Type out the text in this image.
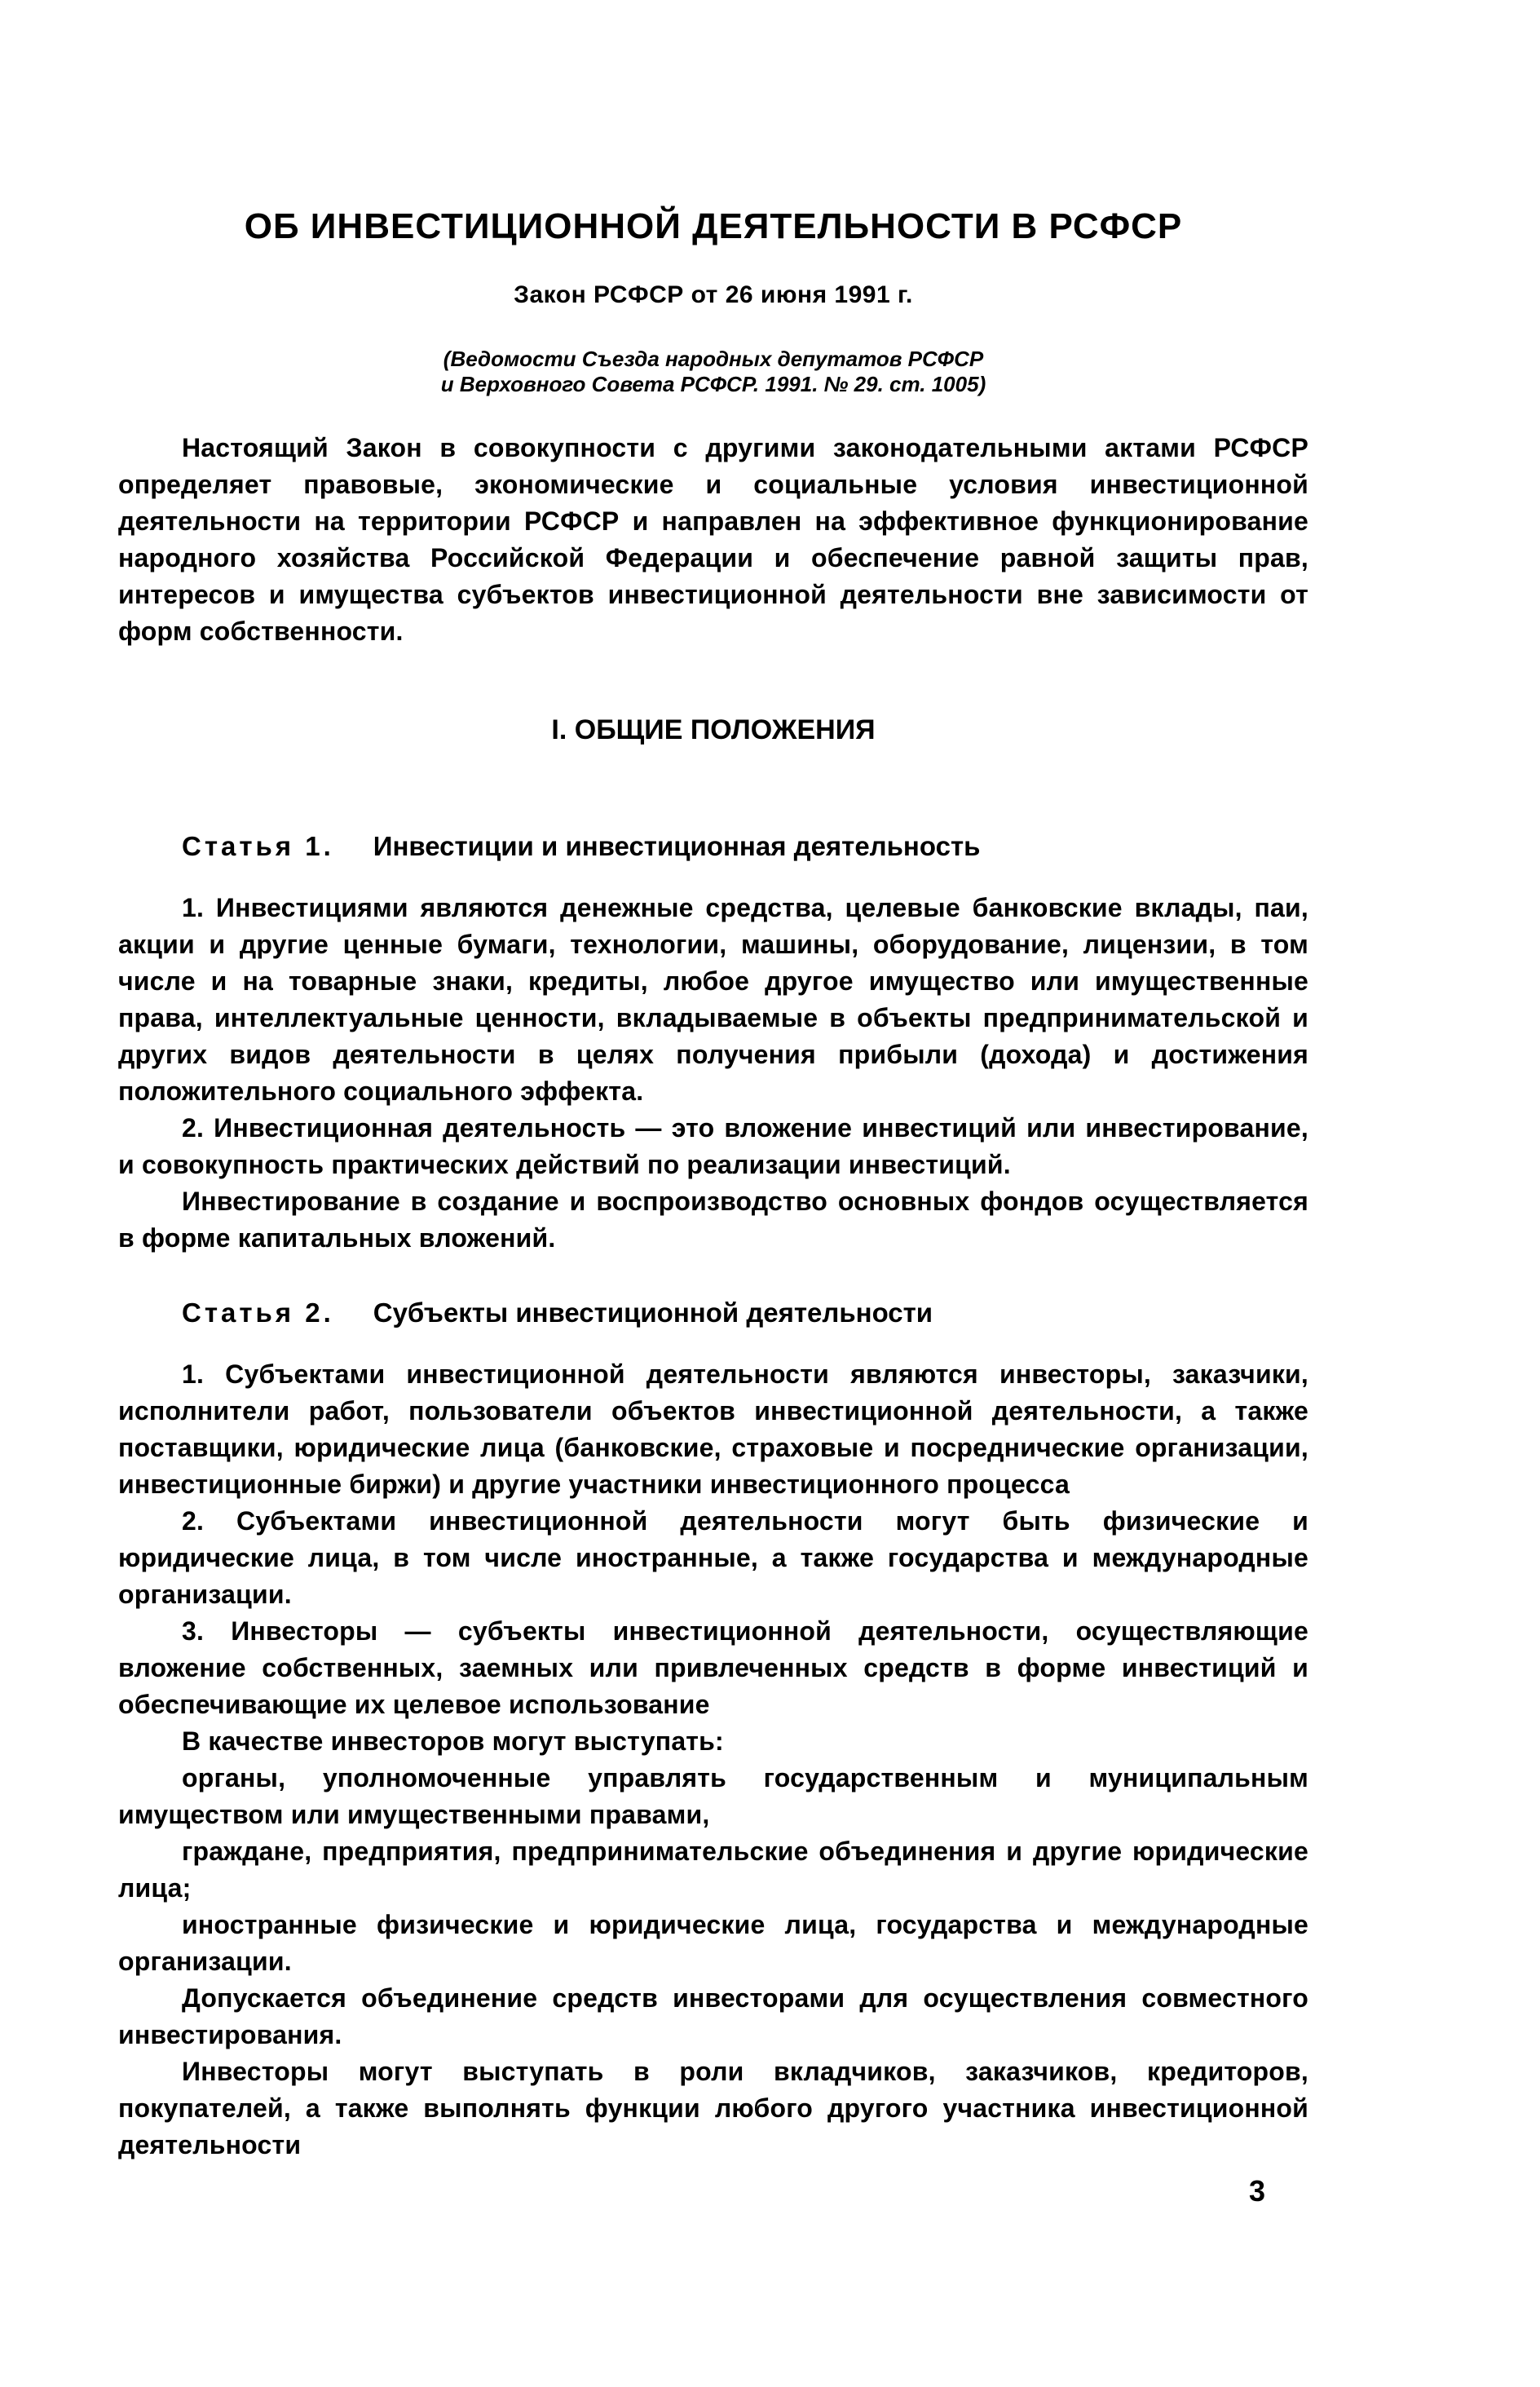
ОБ ИНВЕСТИЦИОННОЙ ДЕЯТЕЛЬНОСТИ В РСФСР
Закон РСФСР от 26 июня 1991 г.
(Ведомости Съезда народных депутатов РСФСР
и Верховного Совета РСФСР. 1991. № 29. ст. 1005)

Настоящий Закон в совокупности с другими законодательными актами РСФСР определяет правовые, экономические и социальные условия инвестиционной деятельности на территории РСФСР и направлен на эффективное функционирование народного хозяйства Российской Федерации и обеспечение равной защиты прав, интересов и имущества субъектов инвестиционной деятельности вне зависимости от форм собственности.

I. ОБЩИЕ ПОЛОЖЕНИЯ
Статья 1. Инвестиции и инвестиционная деятельность

1. Инвестициями являются денежные средства, целевые банковские вклады, паи, акции и другие ценные бумаги, технологии, машины, оборудование, лицензии, в том числе и на товарные знаки, кредиты, любое другое имущество или имущественные права, интеллектуальные ценности, вкладываемые в объекты предпринимательской и других видов деятельности в целях получения прибыли (дохода) и достижения положительного социального эффекта.

2. Инвестиционная деятельность — это вложение инвестиций или инвестирование, и совокупность практических действий по реализации инвестиций.

Инвестирование в создание и воспроизводство основных фондов осуществляется в форме капитальных вложений.

Статья 2. Субъекты инвестиционной деятельности

1. Субъектами инвестиционной деятельности являются инвесторы, заказчики, исполнители работ, пользователи объектов инвестиционной деятельности, а также поставщики, юридические лица (банковские, страховые и посреднические организации, инвестиционные биржи) и другие участники инвестиционного процесса

2. Субъектами инвестиционной деятельности могут быть физические и юридические лица, в том числе иностранные, а также государства и международные организации.

3. Инвесторы — субъекты инвестиционной деятельности, осуществляющие вложение собственных, заемных или привлеченных средств в форме инвестиций и обеспечивающие их целевое использование

В качестве инвесторов могут выступать:

органы, уполномоченные управлять государственным и муниципальным имуществом или имущественными правами,

граждане, предприятия, предпринимательские объединения и другие юридические лица;

иностранные физические и юридические лица, государства и международные организации.

Допускается объединение средств инвесторами для осуществления совместного инвестирования.

Инвесторы могут выступать в роли вкладчиков, заказчиков, кредиторов, покупателей, а также выполнять функции любого другого участника инвестиционной деятельности

3
